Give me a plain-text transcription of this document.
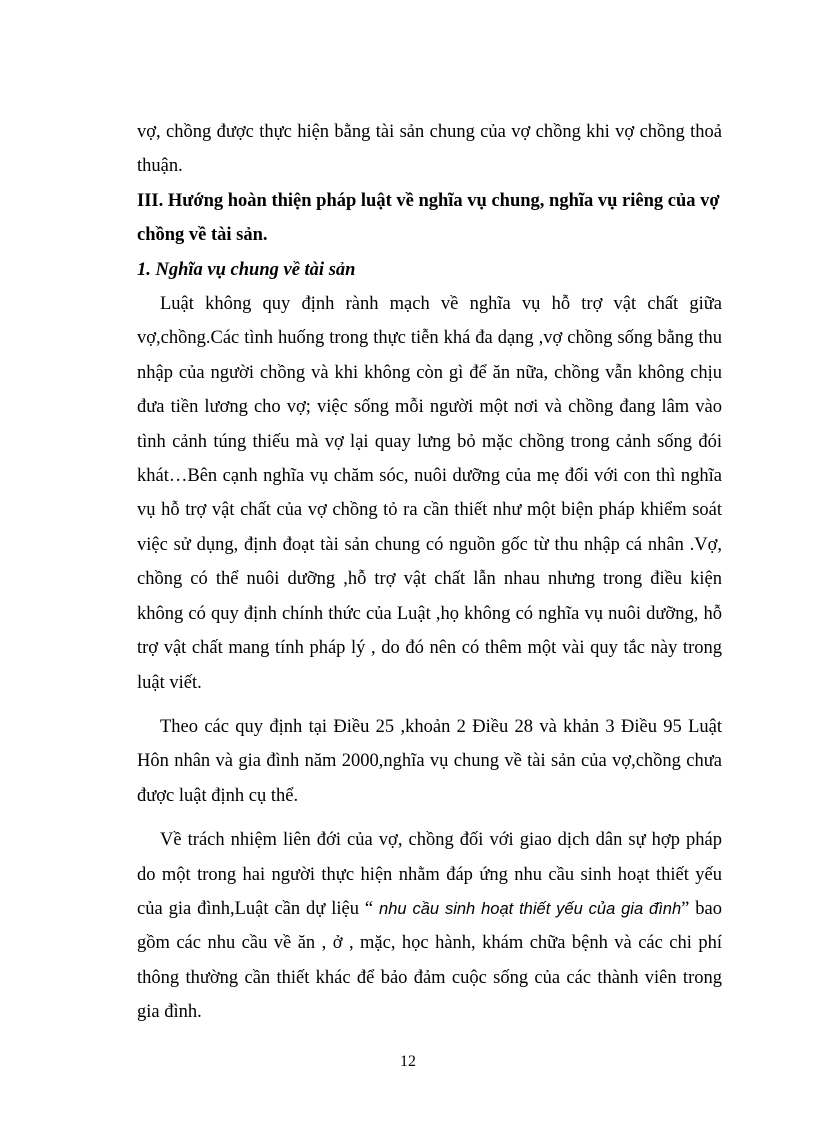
vợ, chồng được thực hiện bằng tài sản chung của vợ chồng khi vợ chồng thoả thuận.

III. Hướng hoàn thiện pháp luật về nghĩa vụ chung, nghĩa vụ riêng của vợ chồng về tài sản.

1. Nghĩa vụ chung về tài sản

Luật không quy định rành mạch về nghĩa vụ hỗ trợ vật chất giữa vợ,chồng.Các tình huống trong thực tiễn khá đa dạng ,vợ chồng sống bằng thu nhập của người chồng và khi không còn gì để ăn nữa, chồng vẫn không chịu đưa tiền lương cho vợ; việc sống mỗi người một nơi và chồng đang lâm vào tình cảnh túng thiếu mà vợ lại quay lưng bỏ mặc chồng trong cảnh sống đói khát…Bên cạnh nghĩa vụ chăm sóc, nuôi dưỡng của mẹ đối với con thì nghĩa vụ hỗ trợ vật chất của vợ chồng tỏ ra cần thiết như một biện pháp khiểm soát việc sử dụng, định đoạt tài sản chung có nguồn gốc từ thu nhập cá nhân .Vợ, chồng có thể nuôi dưỡng ,hỗ trợ vật chất lẫn nhau nhưng trong điều kiện không có quy định chính thức của Luật ,họ không có nghĩa vụ nuôi dưỡng, hỗ trợ vật chất mang tính pháp lý , do đó nên có thêm một vài quy tắc này trong luật viết.

Theo các quy định tại Điều 25 ,khoản 2 Điều 28 và khản 3 Điều 95 Luật Hôn nhân và gia đình năm 2000,nghĩa vụ chung về tài sản của vợ,chồng chưa được luật định cụ thể.

Về trách nhiệm liên đới của vợ, chồng đối với giao dịch dân sự hợp pháp do một trong hai người thực hiện nhằm đáp ứng nhu cầu sinh hoạt thiết yếu của gia đình,Luật cần dự liệu “ nhu cầu sinh hoạt thiết yếu của gia đình” bao gồm các nhu cầu về ăn , ở , mặc, học hành, khám chữa bệnh và các chi phí thông thường cần thiết khác để bảo đảm cuộc sống của các thành viên trong gia đình.

12
